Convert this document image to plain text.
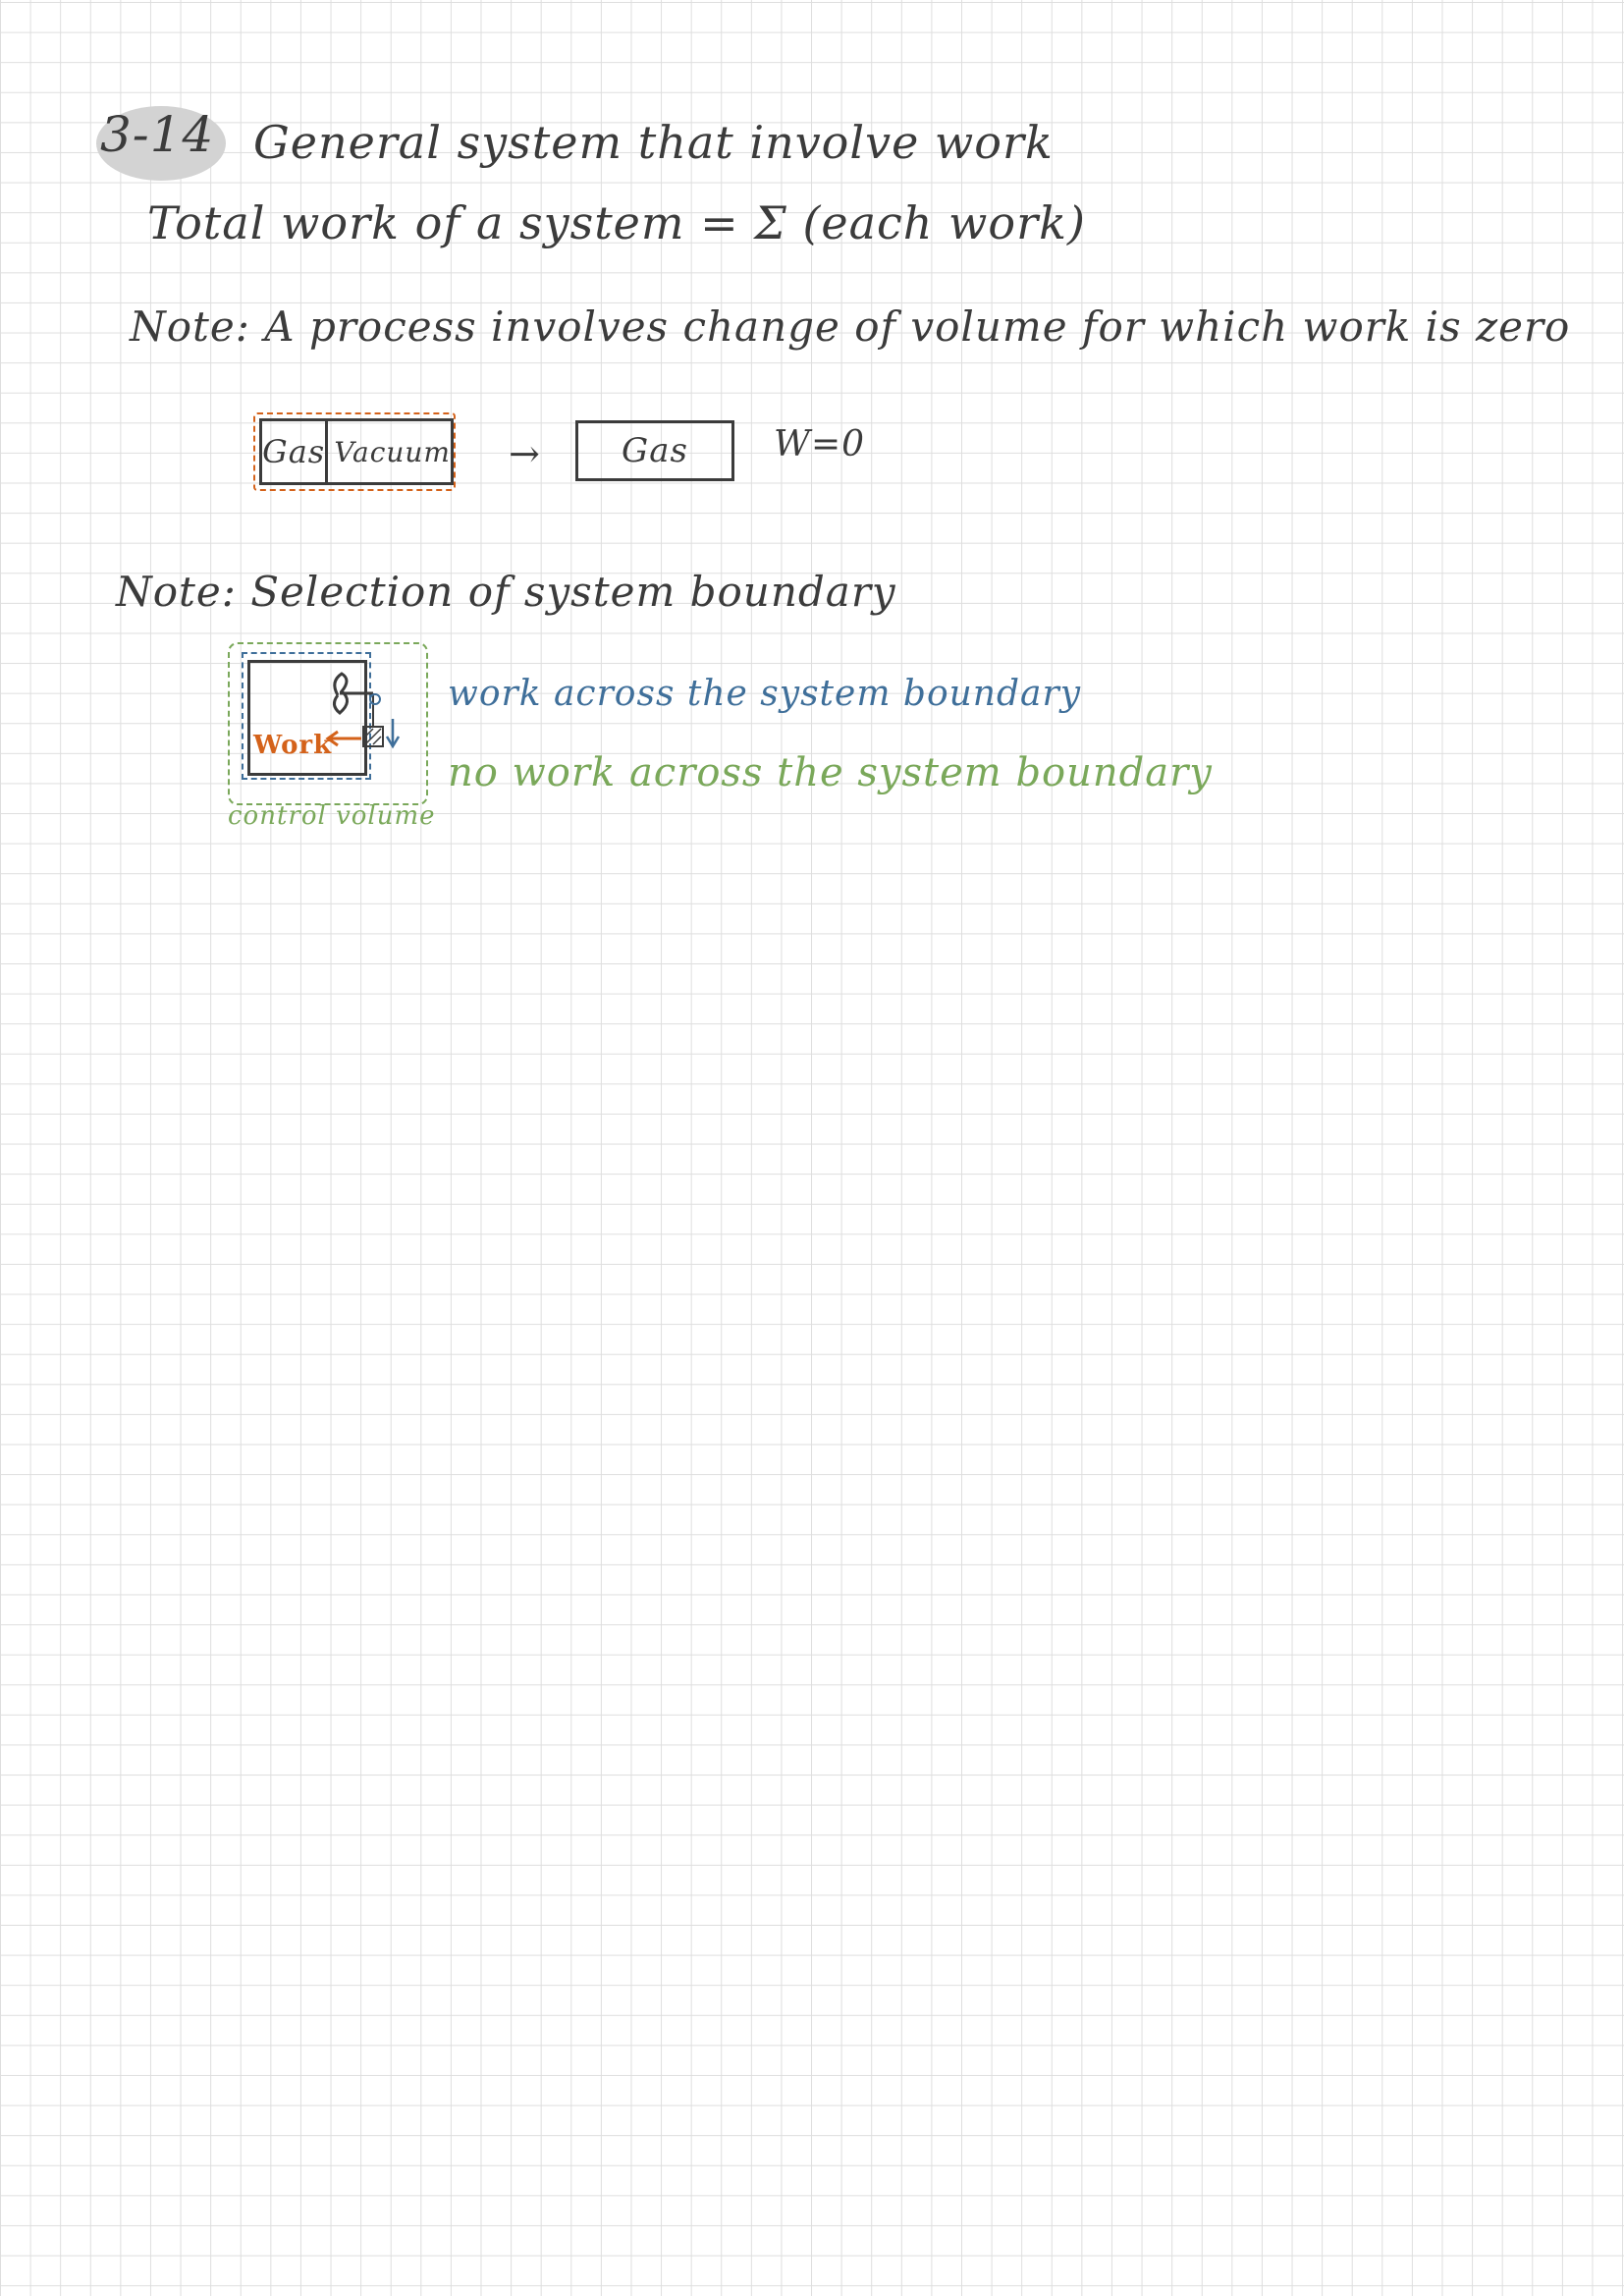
3-14 General system that involve work
Total work of a system = Σ (each work)
Note: A process involves change of volume for which work is zero
Gas Vacuum →	Gas	W=0
Note: Selection of system boundary
Work
control volume
work across the system boundary
no work across the system boundary
